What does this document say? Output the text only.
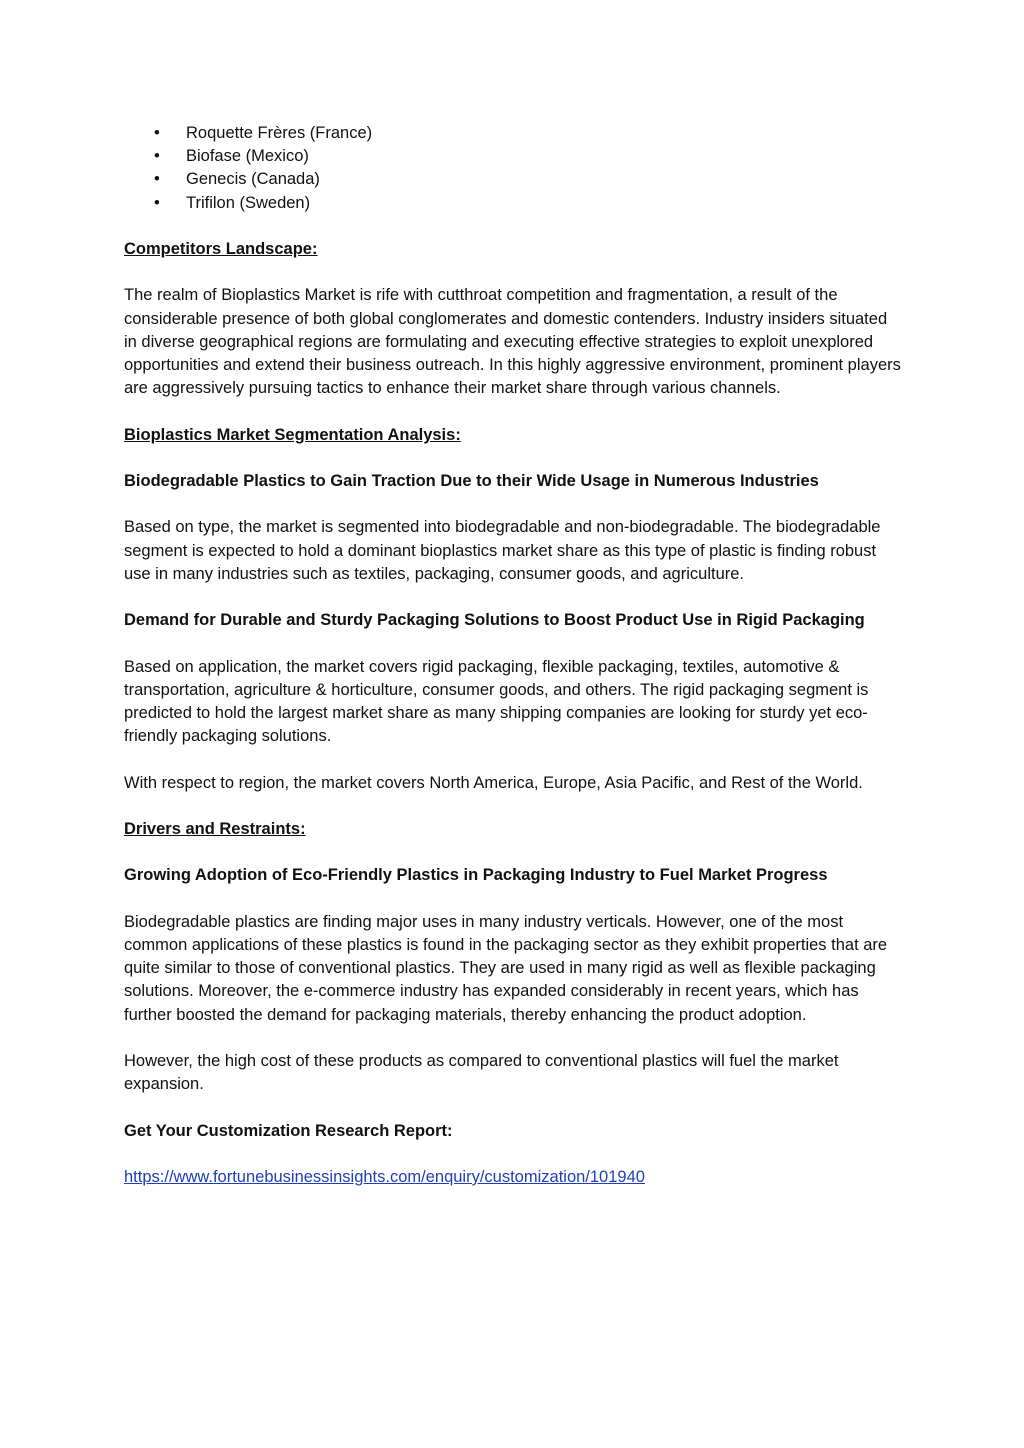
• Roquette Frères (France)
• Biofase (Mexico)
• Genecis (Canada)
• Trifilon (Sweden)

Competitors Landscape:

The realm of Bioplastics Market is rife with cutthroat competition and fragmentation, a result of the considerable presence of both global conglomerates and domestic contenders. Industry insiders situated in diverse geographical regions are formulating and executing effective strategies to exploit unexplored opportunities and extend their business outreach. In this highly aggressive environment, prominent players are aggressively pursuing tactics to enhance their market share through various channels.

Bioplastics Market Segmentation Analysis:

Biodegradable Plastics to Gain Traction Due to their Wide Usage in Numerous Industries

Based on type, the market is segmented into biodegradable and non-biodegradable. The biodegradable segment is expected to hold a dominant bioplastics market share as this type of plastic is finding robust use in many industries such as textiles, packaging, consumer goods, and agriculture.

Demand for Durable and Sturdy Packaging Solutions to Boost Product Use in Rigid Packaging

Based on application, the market covers rigid packaging, flexible packaging, textiles, automotive & transportation, agriculture & horticulture, consumer goods, and others. The rigid packaging segment is predicted to hold the largest market share as many shipping companies are looking for sturdy yet eco-friendly packaging solutions.

With respect to region, the market covers North America, Europe, Asia Pacific, and Rest of the World.

Drivers and Restraints:

Growing Adoption of Eco-Friendly Plastics in Packaging Industry to Fuel Market Progress

Biodegradable plastics are finding major uses in many industry verticals. However, one of the most common applications of these plastics is found in the packaging sector as they exhibit properties that are quite similar to those of conventional plastics. They are used in many rigid as well as flexible packaging solutions. Moreover, the e-commerce industry has expanded considerably in recent years, which has further boosted the demand for packaging materials, thereby enhancing the product adoption.

However, the high cost of these products as compared to conventional plastics will fuel the market expansion.

Get Your Customization Research Report:

https://www.fortunebusinessinsights.com/enquiry/customization/101940
